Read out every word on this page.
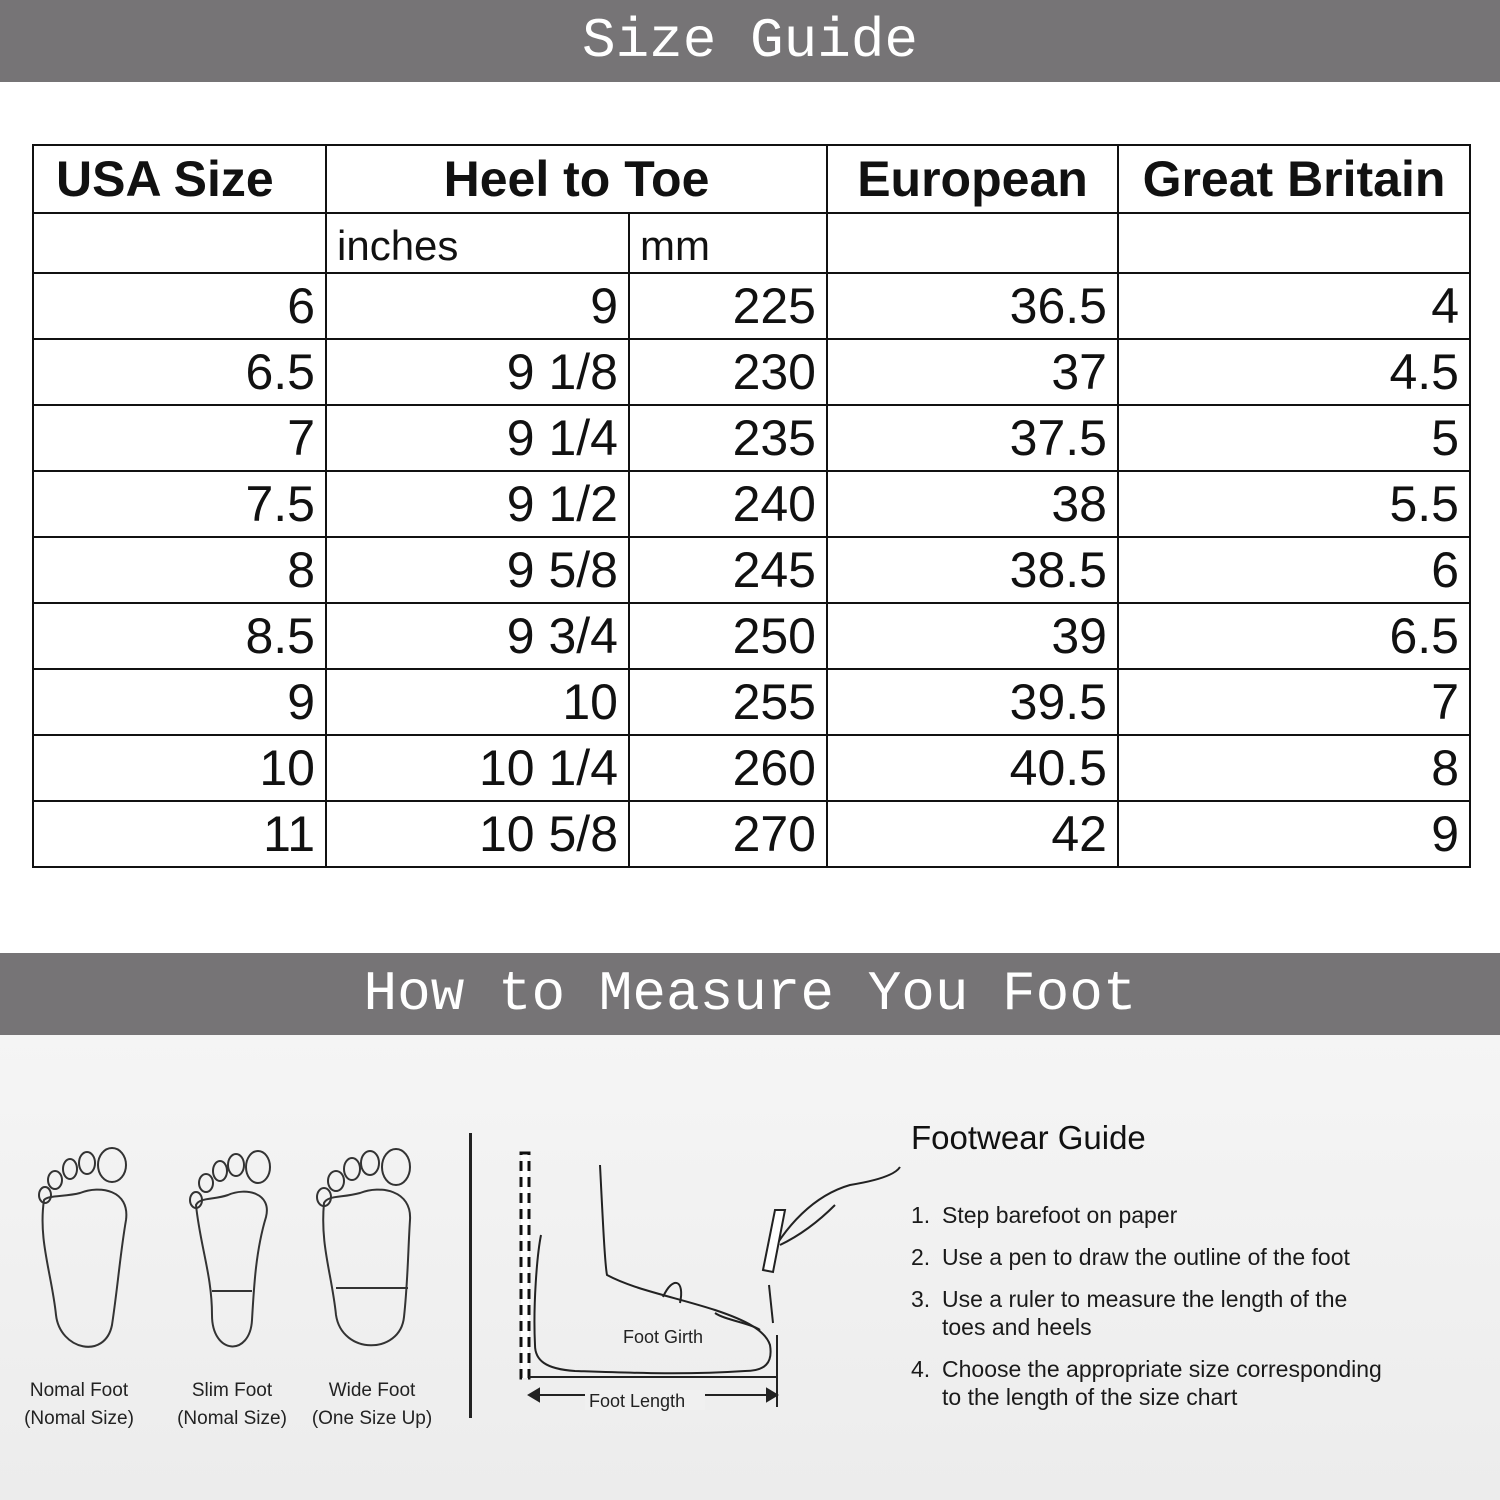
Size Guide
USA Size	Heel to Toe		European	Great Britain
	inches	mm		
6	9	225	36.5	4
6.5	9 1/8	230	37	4.5
7	9 1/4	235	37.5	5
7.5	9 1/2	240	38	5.5
8	9 5/8	245	38.5	6
8.5	9 3/4	250	39	6.5
9	10	255	39.5	7
10	10 1/4	260	40.5	8
11	10 5/8	270	42	9
How to Measure You Foot
Nomal Foot
(Nomal Size)
Slim Foot
(Nomal Size)
Wide Foot
(One Size Up)
Foot Girth
Foot Length
Footwear Guide
1. Step barefoot on paper
2. Use a pen to draw the outline of the foot
3. Use a ruler to measure the length of the
toes and heels
4. Choose the appropriate size corresponding
to the length of the size chart
